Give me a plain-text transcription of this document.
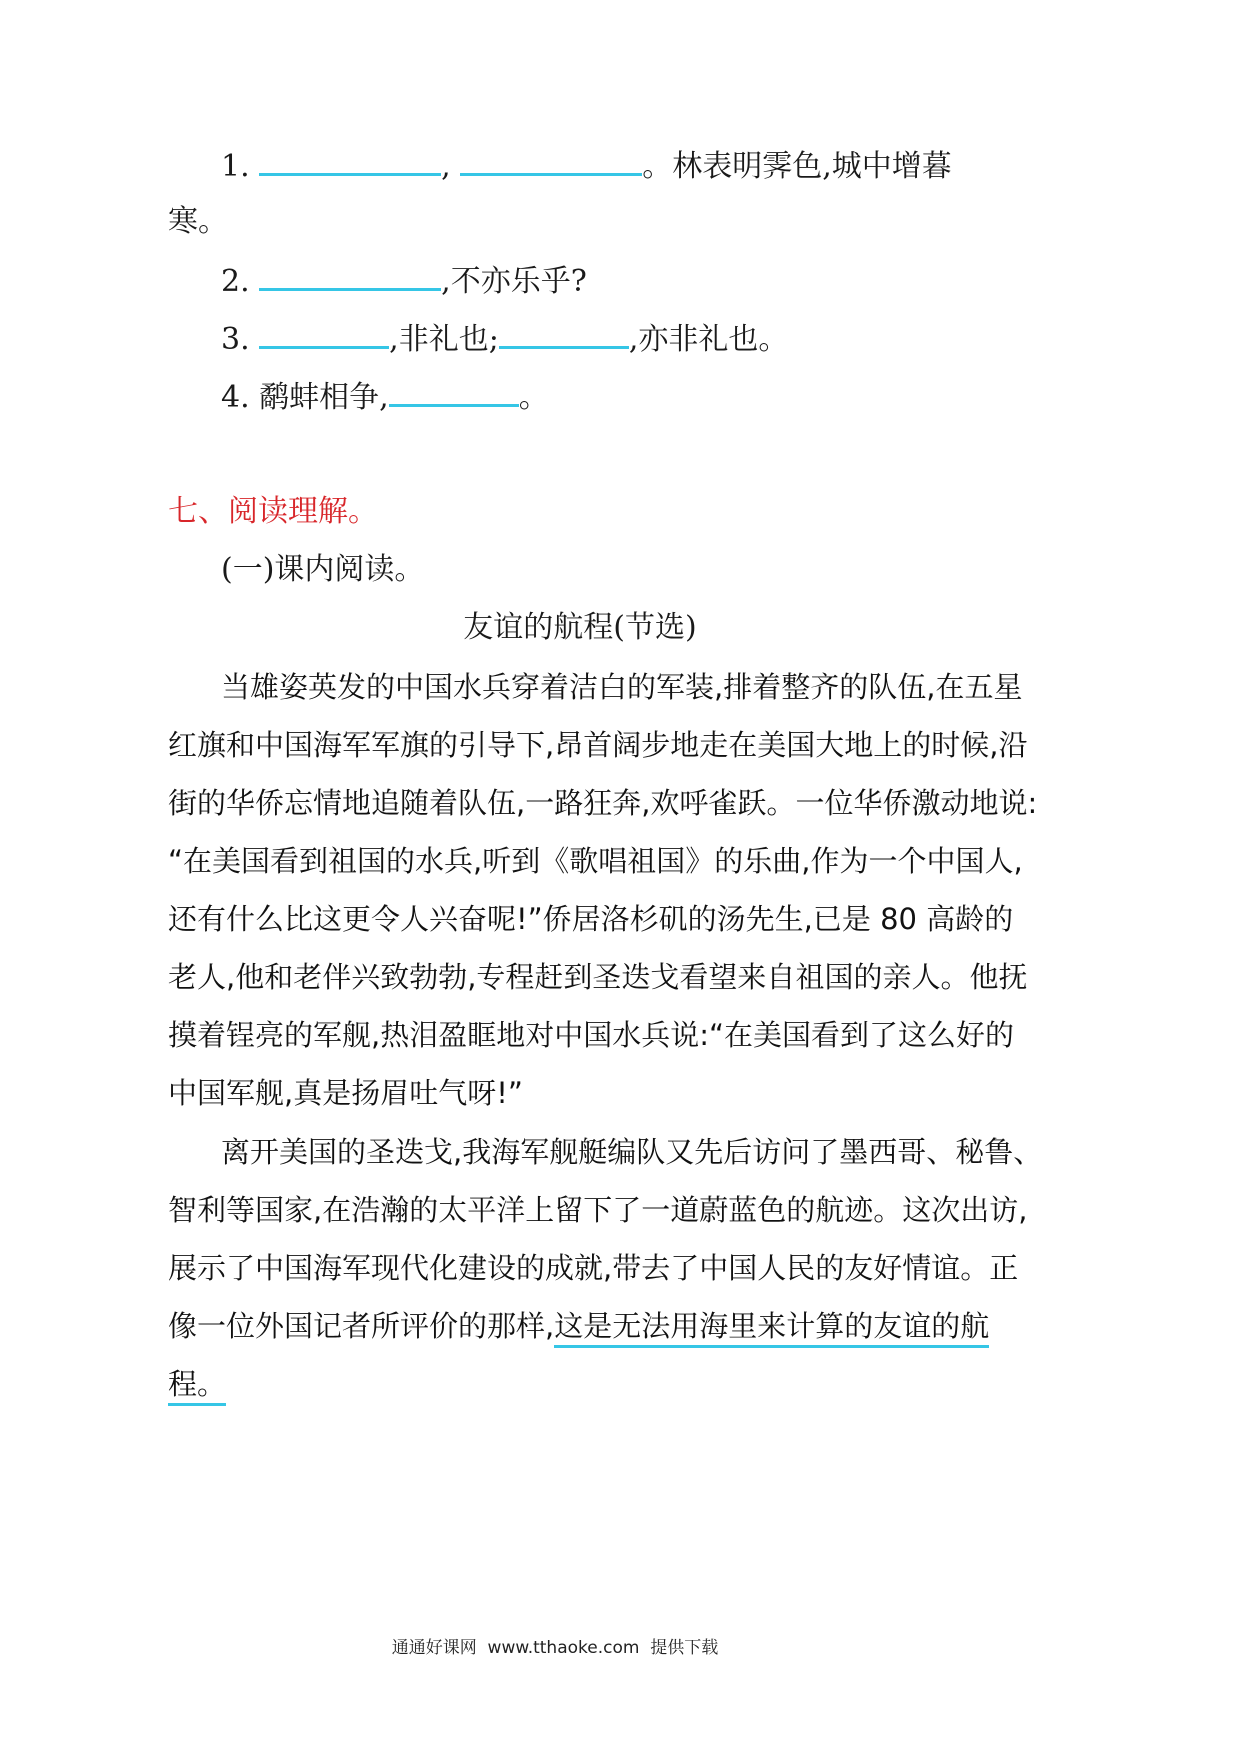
1.	,	。林表明霁色,城中增暮
寒。
2.	,不亦乐乎?
3.	,非礼也;	,亦非礼也。
4. 鹬蚌相争,	。
七、阅读理解。
(一)课内阅读。
友谊的航程(节选)
当雄姿英发的中国水兵穿着洁白的军装,排着整齐的队伍,在五星
红旗和中国海军军旗的引导下,昂首阔步地走在美国大地上的时候,沿
街的华侨忘情地追随着队伍,一路狂奔,欢呼雀跃。一位华侨激动地说:
“在美国看到祖国的水兵,听到《歌唱祖国》的乐曲,作为一个中国人,
还有什么比这更令人兴奋呢!”侨居洛杉矶的汤先生,已是 80 高龄的
老人,他和老伴兴致勃勃,专程赶到圣迭戈看望来自祖国的亲人。他抚
摸着锃亮的军舰,热泪盈眶地对中国水兵说:“在美国看到了这么好的
中国军舰,真是扬眉吐气呀!”
离开美国的圣迭戈,我海军舰艇编队又先后访问了墨西哥、秘鲁、
智利等国家,在浩瀚的太平洋上留下了一道蔚蓝色的航迹。这次出访,
展示了中国海军现代化建设的成就,带去了中国人民的友好情谊。正
像一位外国记者所评价的那样,这是无法用海里来计算的友谊的航
程。
通通好课网  www.tthaoke.com  提供下载
